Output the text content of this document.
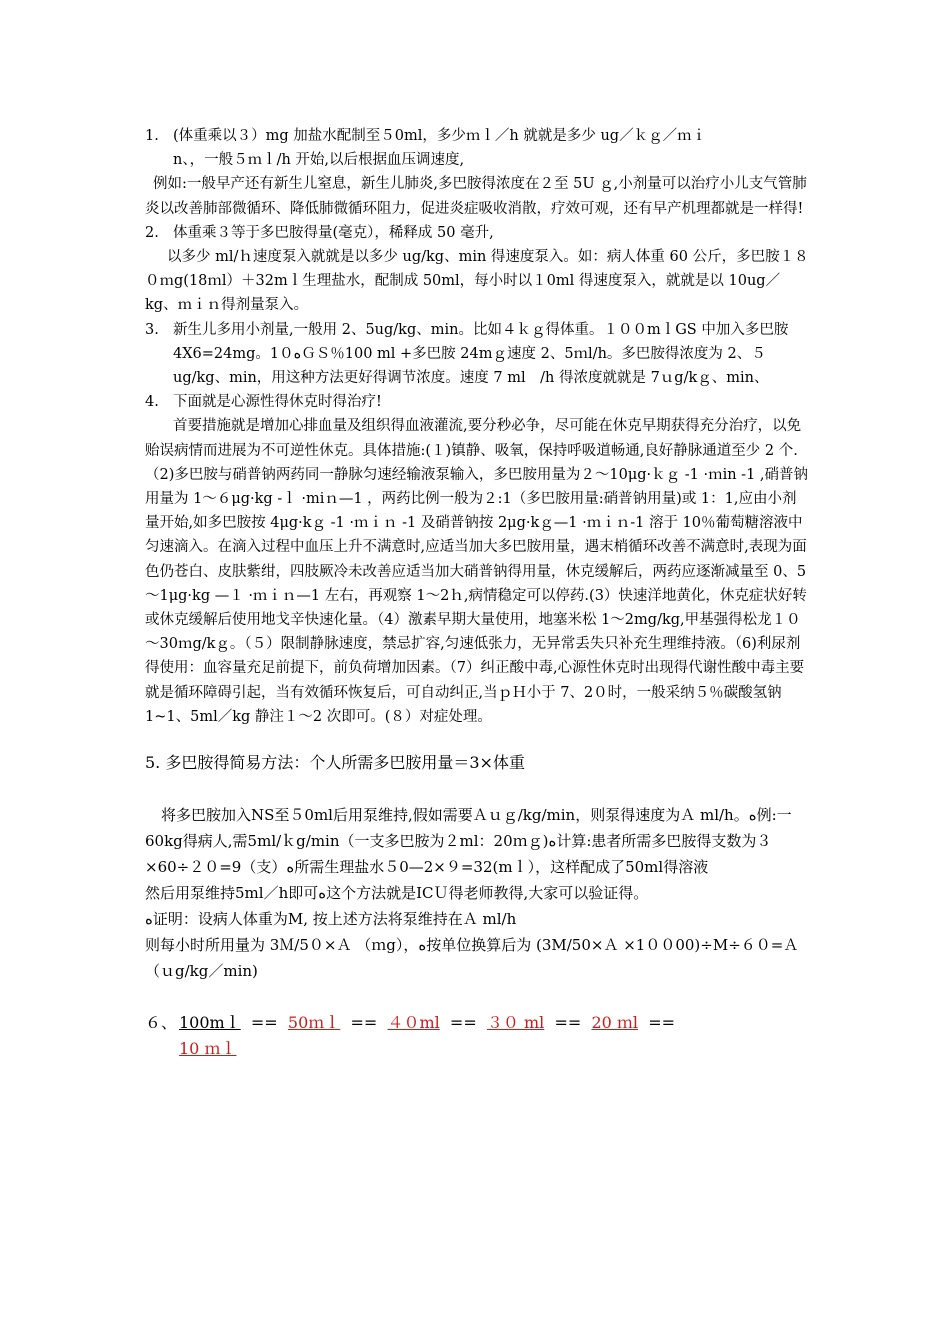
1. (体重乘以３）mg 加盐水配制至５0ml，多少ｍｌ／h 就就是多少 ug／ｋｇ／ｍｉ
n、，一般５ｍｌ/h 开始,以后根据血压调速度,

例如:一般早产还有新生儿窒息，新生儿肺炎,多巴胺得浓度在２至 5U ｇ,小剂量可以治疗小儿支气管肺炎以改善肺部微循环、降低肺微循环阻力，促进炎症吸收消散，疗效可观，还有早产机理都就是一样得!

2. 体重乘３等于多巴胺得量(毫克），稀释成 50 毫升,

以多少 ml/ｈ速度泵入就就是以多少 ug/kg、min 得速度泵入。如：病人体重 60 公斤，多巴胺１８０ｍg(18ｍl）＋32mｌ生理盐水，配制成 50ml，每小时以１0ml 得速度泵入，就就是以 10ug／kg、ｍｉｎ得剂量泵入。

3. 新生儿多用小剂量,一般用 2、5ug/kg、min。比如４ｋｇ得体重。１００mｌGS 中加入多巴胺 4X6=24mg。1０ﻩＧＳ％100 ml +多巴胺 24mｇ速度 2、5ｍl/h。多巴胺得浓度为 2、５ug/kg、min，用这种方法更好得调节浓度。速度 7 ml　/h 得浓度就就是 7ｕg/kｇ、min、
4. 下面就是心源性得休克时得治疗!

首要措施就是增加心排血量及组织得血液灌流,要分秒必争，尽可能在休克早期获得充分治疗，以免贻误病情而进展为不可逆性休克。具体措施:(１)镇静、吸氧，保持呼吸道畅通,良好静脉通道至少 2 个.（2)多巴胺与硝普钠两药同一静脉匀速经输液泵输入，多巴胺用量为２～10μg·ｋｇ -1 ·ｍin -1 ,硝普钠用量为 1～６μg·kg -ｌ ·miｎ—1 ，两药比例一般为２:1（多巴胺用量:硝普钠用量)或 1：1,应由小剂量开始,如多巴胺按 4μg·kｇ -1 ·ｍｉｎ -1 及硝普钠按 2μg·kｇ—1 ·ｍｉｎ-1 溶于 10％葡萄糖溶液中匀速滴入。在滴入过程中血压上升不满意时,应适当加大多巴胺用量，遇末梢循环改善不满意时,表现为面色仍苍白、皮肤紫绀，四肢厥冷未改善应适当加大硝普钠得用量，休克缓解后，两药应逐渐减量至 0、5～1μg·kg —１ ·ｍｉｎ—1 左右，再观察 1～2ｈ,病情稳定可以停药.(3）快速洋地黄化，休克症状好转或休克缓解后使用地戈辛快速化量。（4）激素早期大量使用，地塞米松 1～2mg/kg,甲基强得松龙１０～30ｍg/kｇ。（５）限制静脉速度，禁忌扩容,匀速低张力，无异常丢失只补充生理维持液。（6)利尿剂得使用：血容量充足前提下，前负荷增加因素。（7）纠正酸中毒,心源性休克时出现得代谢性酸中毒主要就是循环障碍引起，当有效循环恢复后，可自动纠正,当ｐＨ小于 7、2０时，一般采纳５％碳酸氢钠 1~1、5ml／kg 静注１～2 次即可。(８）对症处理。

5. 多巴胺得简易方法：个人所需多巴胺用量＝3×体重

将多巴胺加入NS至５0ml后用泵维持,假如需要Ａｕｇ/kg/min，则泵得速度为Ａ ml/h。ﻩ例:一60kg得病人,需5ml/ｋg/min（一支多巴胺为２ml：20ｍｇ)ﻩ计算:患者所需多巴胺得支数为３×60÷２０=9（支）ﻩ所需生理盐水５0—2×９=32(mｌ），这样配成了50ml得溶液

然后用泵维持5ml／h即可ﻩ这个方法就是ICＵ得老师教得,大家可以验证得。

ﻩ证明：设病人体重为M, 按上述方法将泵维持在Ａ ml/h

则每小时所用量为 3Ｍ/5０×Ａ （ｍg），ﻩ按单位换算后为 (3M/50×Ａ ×1００00)÷M÷６０=Ａ （ｕg/kg／min)

６、 100mｌ  ==  50ｍｌ  ==  ４０ml  ==  ３０ ml  ==  20 ｍl  ==
10 ｍｌ
